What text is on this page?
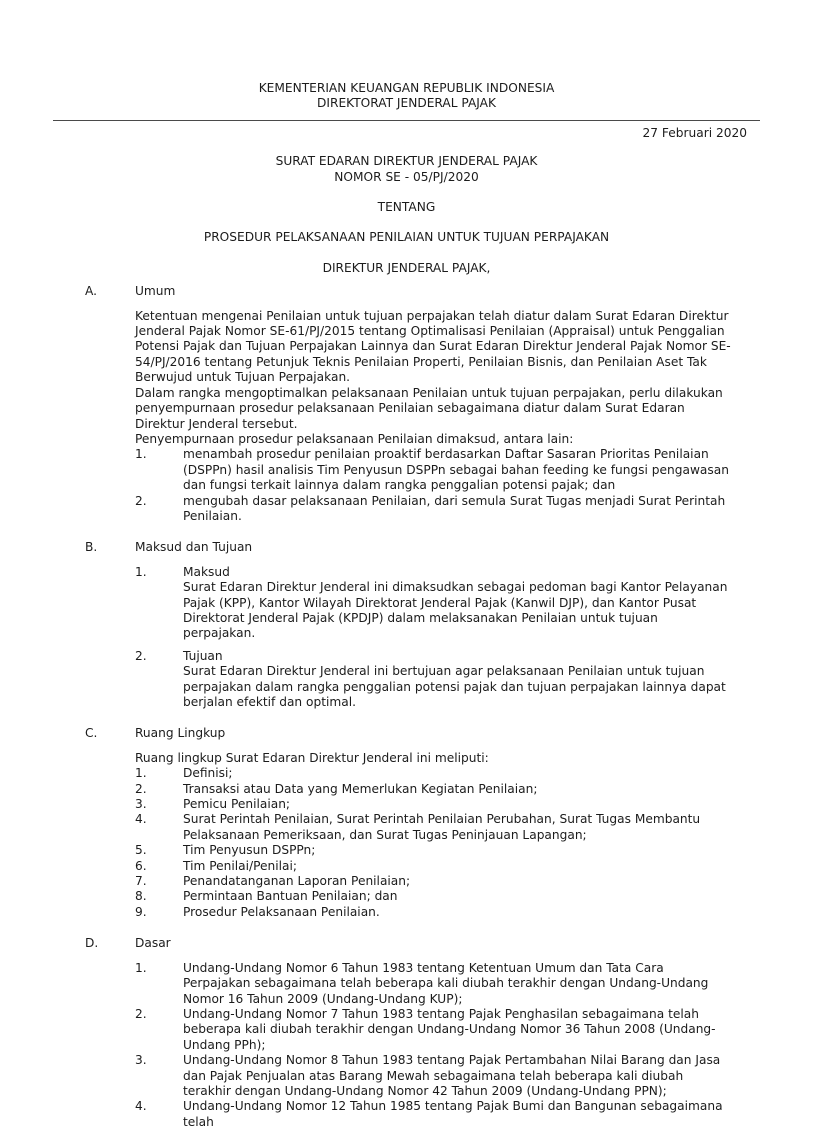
KEMENTERIAN KEUANGAN REPUBLIK INDONESIA
DIREKTORAT JENDERAL PAJAK
27 Februari 2020
SURAT EDARAN DIREKTUR JENDERAL PAJAK
NOMOR SE - 05/PJ/2020
TENTANG
PROSEDUR PELAKSANAAN PENILAIAN UNTUK TUJUAN PERPAJAKAN
DIREKTUR JENDERAL PAJAK,
A.	Umum

Ketentuan mengenai Penilaian untuk tujuan perpajakan telah diatur dalam Surat Edaran Direktur Jenderal Pajak Nomor SE-61/PJ/2015 tentang Optimalisasi Penilaian (Appraisal) untuk Penggalian Potensi Pajak dan Tujuan Perpajakan Lainnya dan Surat Edaran Direktur Jenderal Pajak Nomor SE-54/PJ/2016 tentang Petunjuk Teknis Penilaian Properti, Penilaian Bisnis, dan Penilaian Aset Tak Berwujud untuk Tujuan Perpajakan.

Dalam rangka mengoptimalkan pelaksanaan Penilaian untuk tujuan perpajakan, perlu dilakukan penyempurnaan prosedur pelaksanaan Penilaian sebagaimana diatur dalam Surat Edaran Direktur Jenderal tersebut.

Penyempurnaan prosedur pelaksanaan Penilaian dimaksud, antara lain:

1.	menambah prosedur penilaian proaktif berdasarkan Daftar Sasaran Prioritas Penilaian (DSPPn) hasil analisis Tim Penyusun DSPPn sebagai bahan feeding ke fungsi pengawasan dan fungsi terkait lainnya dalam rangka penggalian potensi pajak; dan
2.	mengubah dasar pelaksanaan Penilaian, dari semula Surat Tugas menjadi Surat Perintah Penilaian.
B.	Maksud dan Tujuan
1.	Maksud
Surat Edaran Direktur Jenderal ini dimaksudkan sebagai pedoman bagi Kantor Pelayanan Pajak (KPP), Kantor Wilayah Direktorat Jenderal Pajak (Kanwil DJP), dan Kantor Pusat Direktorat Jenderal Pajak (KPDJP) dalam melaksanakan Penilaian untuk tujuan perpajakan.
2.	Tujuan
Surat Edaran Direktur Jenderal ini bertujuan agar pelaksanaan Penilaian untuk tujuan perpajakan dalam rangka penggalian potensi pajak dan tujuan perpajakan lainnya dapat berjalan efektif dan optimal.
C.	Ruang Lingkup

Ruang lingkup Surat Edaran Direktur Jenderal ini meliputi:

1.	Definisi;
2.	Transaksi atau Data yang Memerlukan Kegiatan Penilaian;
3.	Pemicu Penilaian;
4.	Surat Perintah Penilaian, Surat Perintah Penilaian Perubahan, Surat Tugas Membantu Pelaksanaan Pemeriksaan, dan Surat Tugas Peninjauan Lapangan;
5.	Tim Penyusun DSPPn;
6.	Tim Penilai/Penilai;
7.	Penandatanganan Laporan Penilaian;
8.	Permintaan Bantuan Penilaian; dan
9.	Prosedur Pelaksanaan Penilaian.
D.	Dasar
1.	Undang-Undang Nomor 6 Tahun 1983 tentang Ketentuan Umum dan Tata Cara Perpajakan sebagaimana telah beberapa kali diubah terakhir dengan Undang-Undang Nomor 16 Tahun 2009 (Undang-Undang KUP);
2.	Undang-Undang Nomor 7 Tahun 1983 tentang Pajak Penghasilan sebagaimana telah beberapa kali diubah terakhir dengan Undang-Undang Nomor 36 Tahun 2008 (Undang-Undang PPh);
3.	Undang-Undang Nomor 8 Tahun 1983 tentang Pajak Pertambahan Nilai Barang dan Jasa dan Pajak Penjualan atas Barang Mewah sebagaimana telah beberapa kali diubah terakhir dengan Undang-Undang Nomor 42 Tahun 2009 (Undang-Undang PPN);
4.	Undang-Undang Nomor 12 Tahun 1985 tentang Pajak Bumi dan Bangunan sebagaimana telah
